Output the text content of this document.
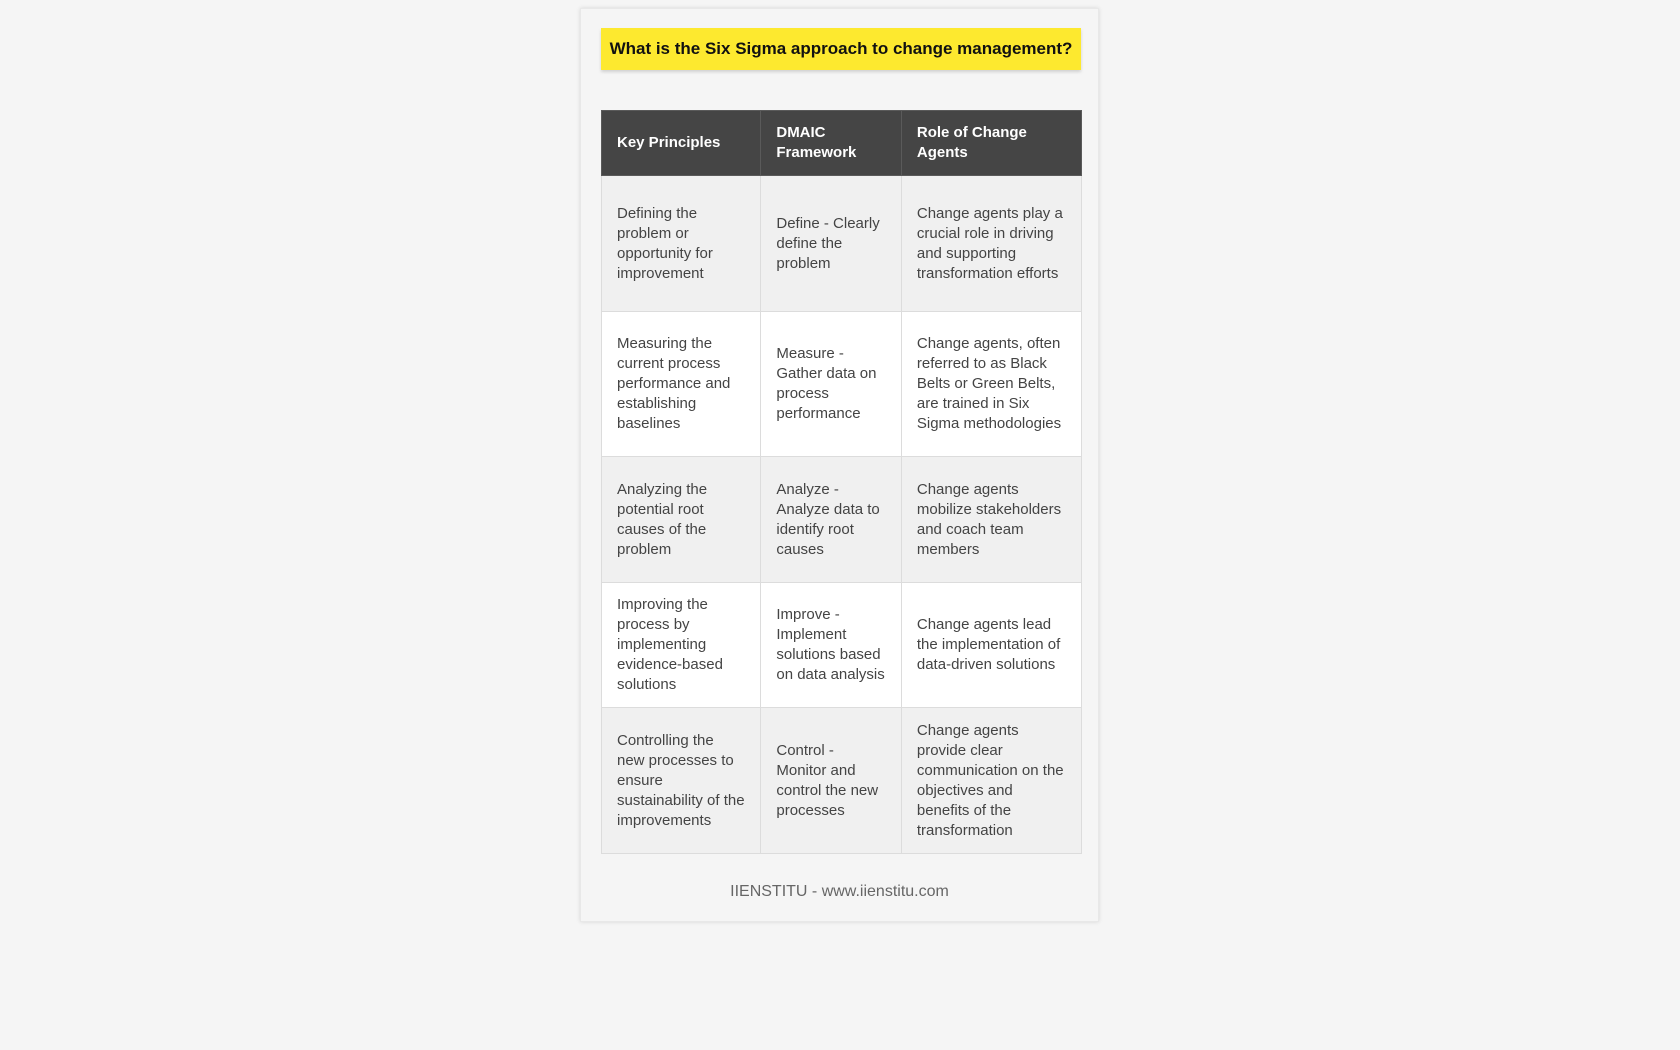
What is the Six Sigma approach to change management?
Key Principles	DMAIC Framework	Role of Change Agents
Defining the problem or opportunity for improvement	Define - Clearly define the problem	Change agents play a crucial role in driving and supporting transformation efforts
Measuring the current process performance and establishing baselines	Measure - Gather data on process performance	Change agents, often referred to as Black Belts or Green Belts, are trained in Six Sigma methodologies
Analyzing the potential root causes of the problem	Analyze - Analyze data to identify root causes	Change agents mobilize stakeholders and coach team members
Improving the process by implementing evidence-based solutions	Improve - Implement solutions based on data analysis	Change agents lead the implementation of data-driven solutions
Controlling the new processes to ensure sustainability of the improvements	Control - Monitor and control the new processes	Change agents provide clear communication on the objectives and benefits of the transformation
IIENSTITU - www.iienstitu.com
